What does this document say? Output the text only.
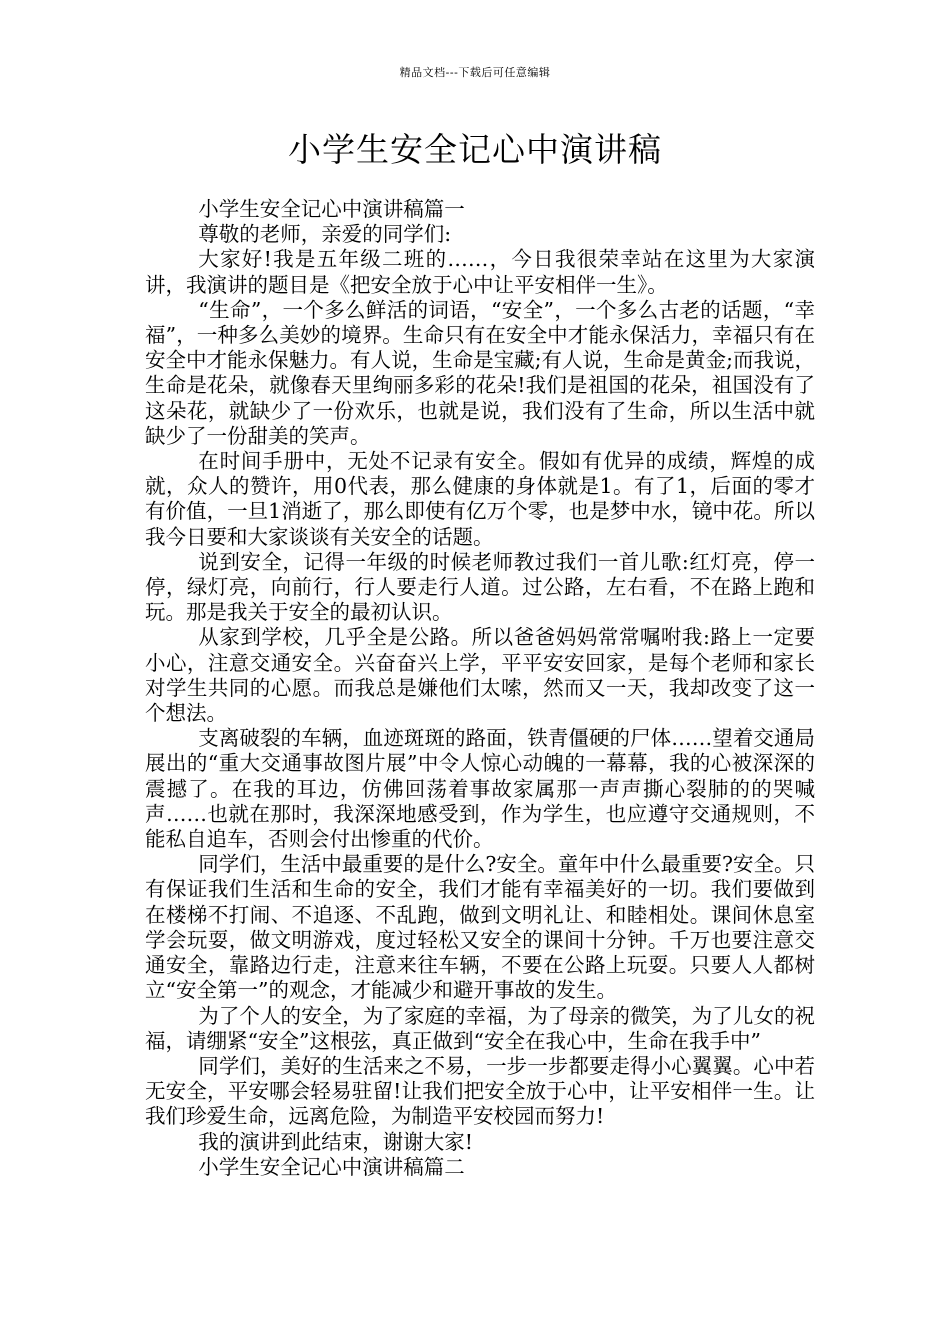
精品文档---下载后可任意编辑
小学生安全记心中演讲稿

小学生安全记心中演讲稿篇一

尊敬的老师，亲爱的同学们:

大家好!我是五年级二班的……，今日我很荣幸站在这里为大家演讲，我演讲的题目是《把安全放于心中让平安相伴一生》。

“生命”，一个多么鲜活的词语，“安全”，一个多么古老的话题，“幸福”，一种多么美妙的境界。生命只有在安全中才能永保活力，幸福只有在安全中才能永保魅力。有人说，生命是宝藏;有人说，生命是黄金;而我说，生命是花朵，就像春天里绚丽多彩的花朵!我们是祖国的花朵，祖国没有了这朵花，就缺少了一份欢乐，也就是说，我们没有了生命，所以生活中就缺少了一份甜美的笑声。

在时间手册中，无处不记录有安全。假如有优异的成绩，辉煌的成就，众人的赞许，用0代表，那么健康的身体就是1。有了1，后面的零才有价值，一旦1消逝了，那么即使有亿万个零，也是梦中水，镜中花。所以我今日要和大家谈谈有关安全的话题。

说到安全，记得一年级的时候老师教过我们一首儿歌:红灯亮，停一停，绿灯亮，向前行，行人要走行人道。过公路，左右看，不在路上跑和玩。那是我关于安全的最初认识。

从家到学校，几乎全是公路。所以爸爸妈妈常常嘱咐我:路上一定要小心，注意交通安全。兴奋奋兴上学，平平安安回家，是每个老师和家长对学生共同的心愿。而我总是嫌他们太嗦，然而又一天，我却改变了这一个想法。

支离破裂的车辆，血迹斑斑的路面，铁青僵硬的尸体……望着交通局展出的“重大交通事故图片展”中令人惊心动魄的一幕幕，我的心被深深的震撼了。在我的耳边，仿佛回荡着事故家属那一声声撕心裂肺的的哭喊声……也就在那时，我深深地感受到，作为学生，也应遵守交通规则，不能私自追车，否则会付出惨重的代价。

同学们，生活中最重要的是什么?安全。童年中什么最重要?安全。只有保证我们生活和生命的安全，我们才能有幸福美好的一切。我们要做到在楼梯不打闹、不追逐、不乱跑，做到文明礼让、和睦相处。课间休息室学会玩耍，做文明游戏，度过轻松又安全的课间十分钟。千万也要注意交通安全，靠路边行走，注意来往车辆，不要在公路上玩耍。只要人人都树立“安全第一”的观念，才能减少和避开事故的发生。

为了个人的安全，为了家庭的幸福，为了母亲的微笑，为了儿女的祝福，请绷紧“安全”这根弦，真正做到“安全在我心中，生命在我手中”

同学们，美好的生活来之不易，一步一步都要走得小心翼翼。心中若无安全，平安哪会轻易驻留!让我们把安全放于心中，让平安相伴一生。让我们珍爱生命，远离危险，为制造平安校园而努力!

我的演讲到此结束，谢谢大家!

小学生安全记心中演讲稿篇二
